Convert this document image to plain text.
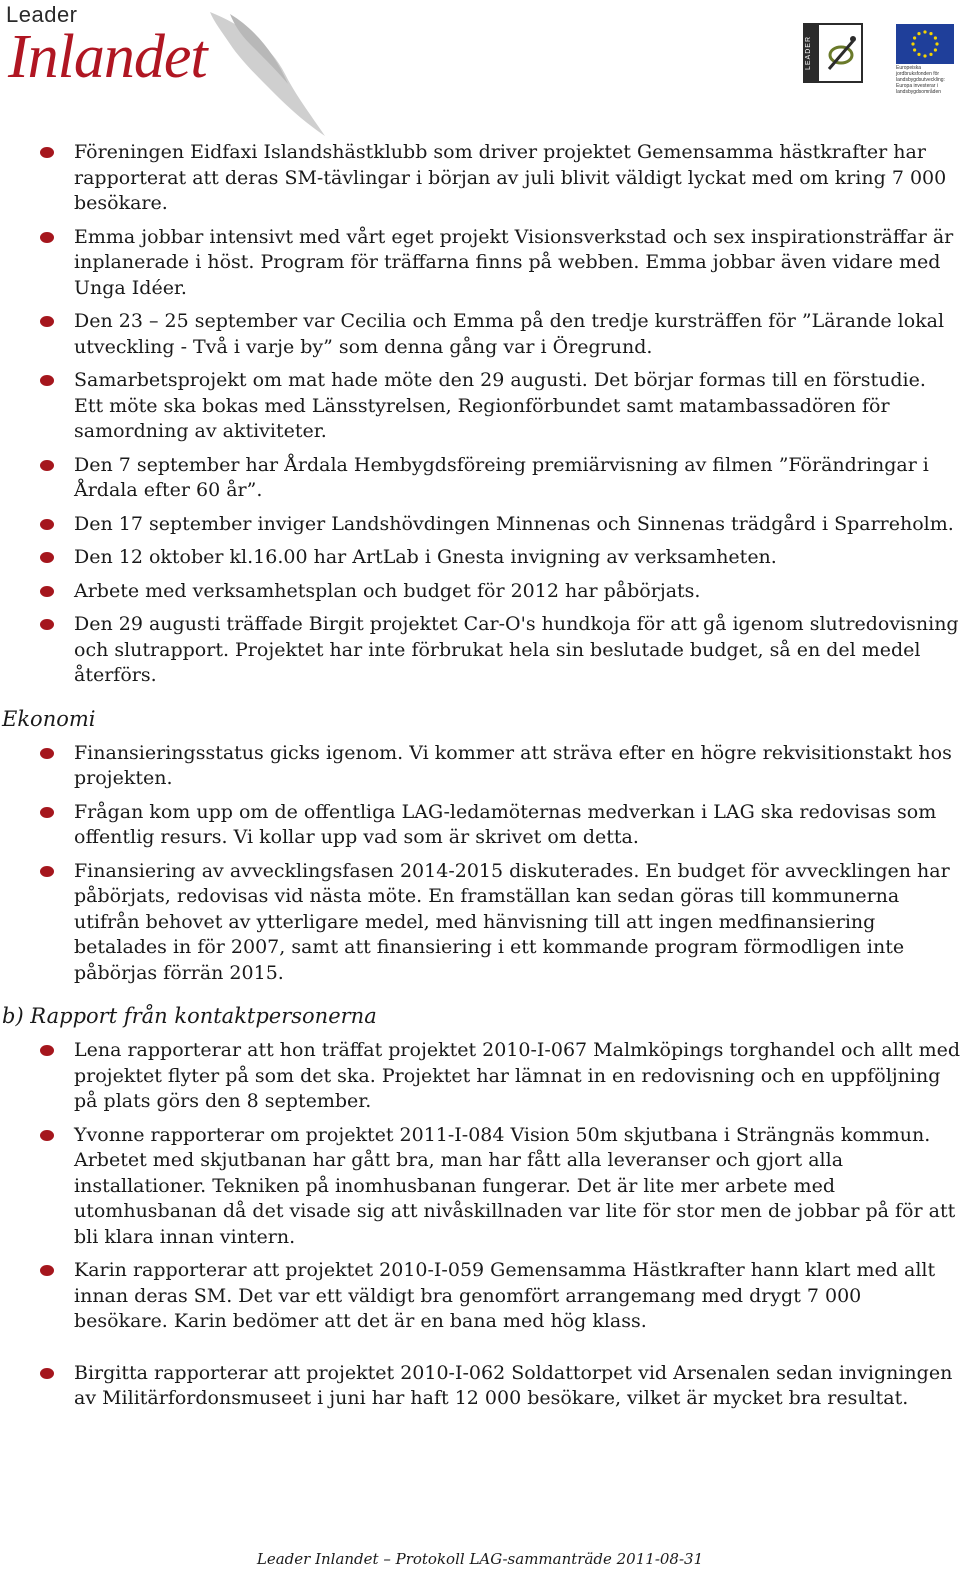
Leader
Inlandet	LEADER	Europeiska jordbruksfonden för landsbygdsutveckling: Europa investerar i landsbygdsområden
Föreningen Eidfaxi Islandshästklubb som driver projektet Gemensamma hästkrafter har rapporterat att deras SM-tävlingar i början av juli blivit väldigt lyckat med om kring 7 000 besökare.
Emma jobbar intensivt med vårt eget projekt Visionsverkstad och sex inspirationsträffar är inplanerade i höst. Program för träffarna finns på webben. Emma jobbar även vidare med Unga Idéer.
Den 23 – 25 september var Cecilia och Emma på den tredje kursträffen för ”Lärande lokal utveckling - Två i varje by” som denna gång var i Öregrund.
Samarbetsprojekt om mat hade möte den 29 augusti. Det börjar formas till en förstudie. Ett möte ska bokas med Länsstyrelsen, Regionförbundet samt matambassadören för samordning av aktiviteter.
Den 7 september har Årdala Hembygdsföreing premiärvisning av filmen ”Förändringar i Årdala efter 60 år”.
Den 17 september inviger Landshövdingen Minnenas och Sinnenas trädgård i Sparreholm.
Den 12 oktober kl.16.00 har ArtLab i Gnesta invigning av verksamheten.
Arbete med verksamhetsplan och budget för 2012 har påbörjats.
Den 29 augusti träffade Birgit projektet Car-O's hundkoja för att gå igenom slutredovisning och slutrapport. Projektet har inte förbrukat hela sin beslutade budget, så en del medel återförs.
Ekonomi
Finansieringsstatus gicks igenom. Vi kommer att sträva efter en högre rekvisitionstakt hos projekten.
Frågan kom upp om de offentliga LAG-ledamöternas medverkan i LAG ska redovisas som offentlig resurs. Vi kollar upp vad som är skrivet om detta.
Finansiering av avvecklingsfasen 2014-2015 diskuterades. En budget för avvecklingen har påbörjats, redovisas vid nästa möte. En framställan kan sedan göras till kommunerna utifrån behovet av ytterligare medel, med hänvisning till att ingen medfinansiering betalades in för 2007, samt att finansiering i ett kommande program förmodligen inte påbörjas förrän 2015.
b) Rapport från kontaktpersonerna
Lena rapporterar att hon träffat projektet 2010-I-067 Malmköpings torghandel och allt med projektet flyter på som det ska. Projektet har lämnat in en redovisning och en uppföljning på plats görs den 8 september.
Yvonne rapporterar om projektet 2011-I-084 Vision 50m skjutbana i Strängnäs kommun. Arbetet med skjutbanan har gått bra, man har fått alla leveranser och gjort alla installationer. Tekniken på inomhusbanan fungerar. Det är lite mer arbete med utomhusbanan då det visade sig att nivåskillnaden var lite för stor men de jobbar på för att bli klara innan vintern.
Karin rapporterar att projektet 2010-I-059 Gemensamma Hästkrafter hann klart med allt innan deras SM. Det var ett väldigt bra genomfört arrangemang med drygt 7 000 besökare. Karin bedömer att det är en bana med hög klass.
Birgitta rapporterar att projektet 2010-I-062 Soldattorpet vid Arsenalen sedan invigningen av Militärfordonsmuseet i juni har haft 12 000 besökare, vilket är mycket bra resultat.
Leader Inlandet – Protokoll LAG-sammanträde 2011-08-31
